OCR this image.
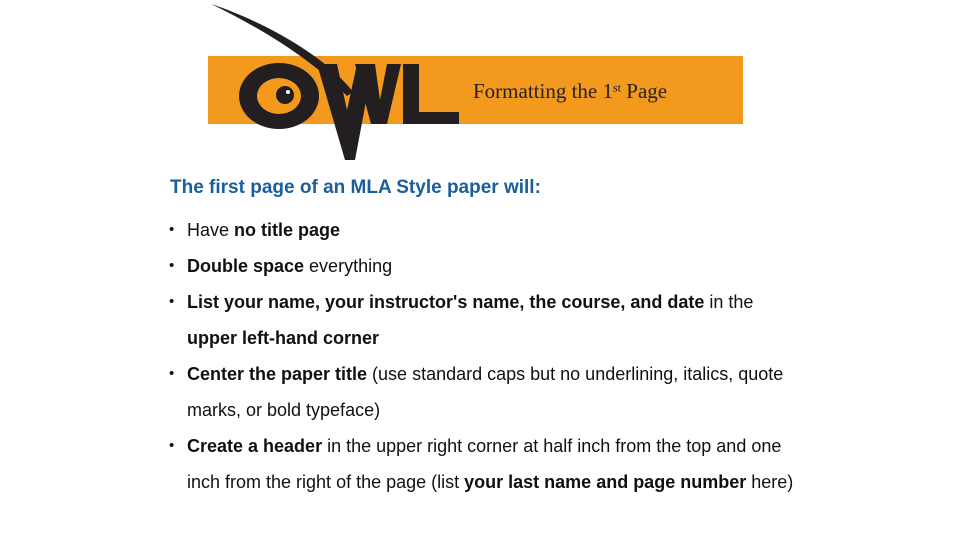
Formatting the 1st Page
The first page of an MLA Style paper will:
• Have no title page
• Double space everything
• List your name, your instructor's name, the course, and date in the upper left-hand corner
• Center the paper title (use standard caps but no underlining, italics, quote marks, or bold typeface)
• Create a header in the upper right corner at half inch from the top and one inch from the right of the page (list your last name and page number here)
